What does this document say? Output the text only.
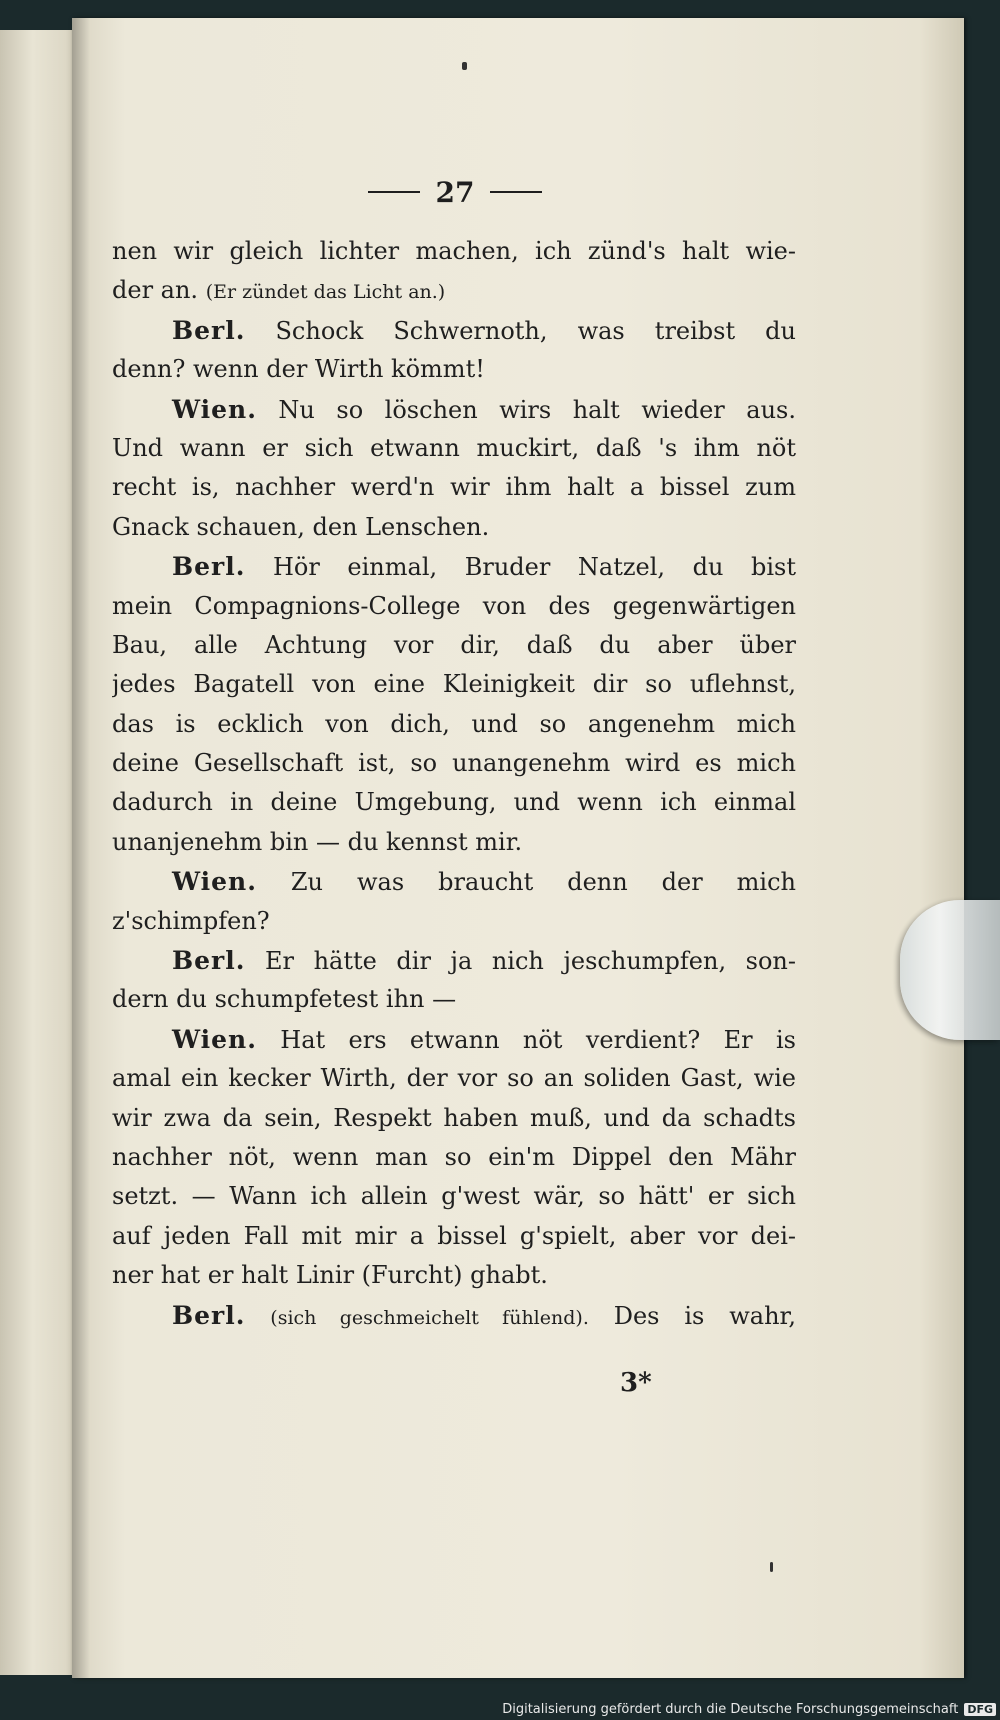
27
nen wir gleich lichter machen, ich zünd's halt wie-
der an. (Er zündet das Licht an.)
Berl. Schock Schwernoth, was treibst du
denn? wenn der Wirth kömmt!
Wien. Nu so löschen wirs halt wieder aus.
Und wann er sich etwann muckirt, daß 's ihm nöt
recht is, nachher werd'n wir ihm halt a bissel zum
Gnack schauen, den Lenschen.
Berl. Hör einmal, Bruder Natzel, du bist
mein Compagnions-College von des gegenwärtigen
Bau, alle Achtung vor dir, daß du aber über
jedes Bagatell von eine Kleinigkeit dir so uflehnst,
das is ecklich von dich, und so angenehm mich
deine Gesellschaft ist, so unangenehm wird es mich
dadurch in deine Umgebung, und wenn ich einmal
unanjenehm bin — du kennst mir.
Wien. Zu was braucht denn der mich
z'schimpfen?
Berl. Er hätte dir ja nich jeschumpfen, son-
dern du schumpfetest ihn —
Wien. Hat ers etwann nöt verdient? Er is
amal ein kecker Wirth, der vor so an soliden Gast, wie
wir zwa da sein, Respekt haben muß, und da schadts
nachher nöt, wenn man so ein'm Dippel den Mähr
setzt. — Wann ich allein g'west wär, so hätt' er sich
auf jeden Fall mit mir a bissel g'spielt, aber vor dei-
ner hat er halt Linir (Furcht) ghabt.
Berl. (sich geschmeichelt fühlend). Des is wahr,
3*
Digitalisierung gefördert durch die Deutsche Forschungsgemeinschaft DFG
